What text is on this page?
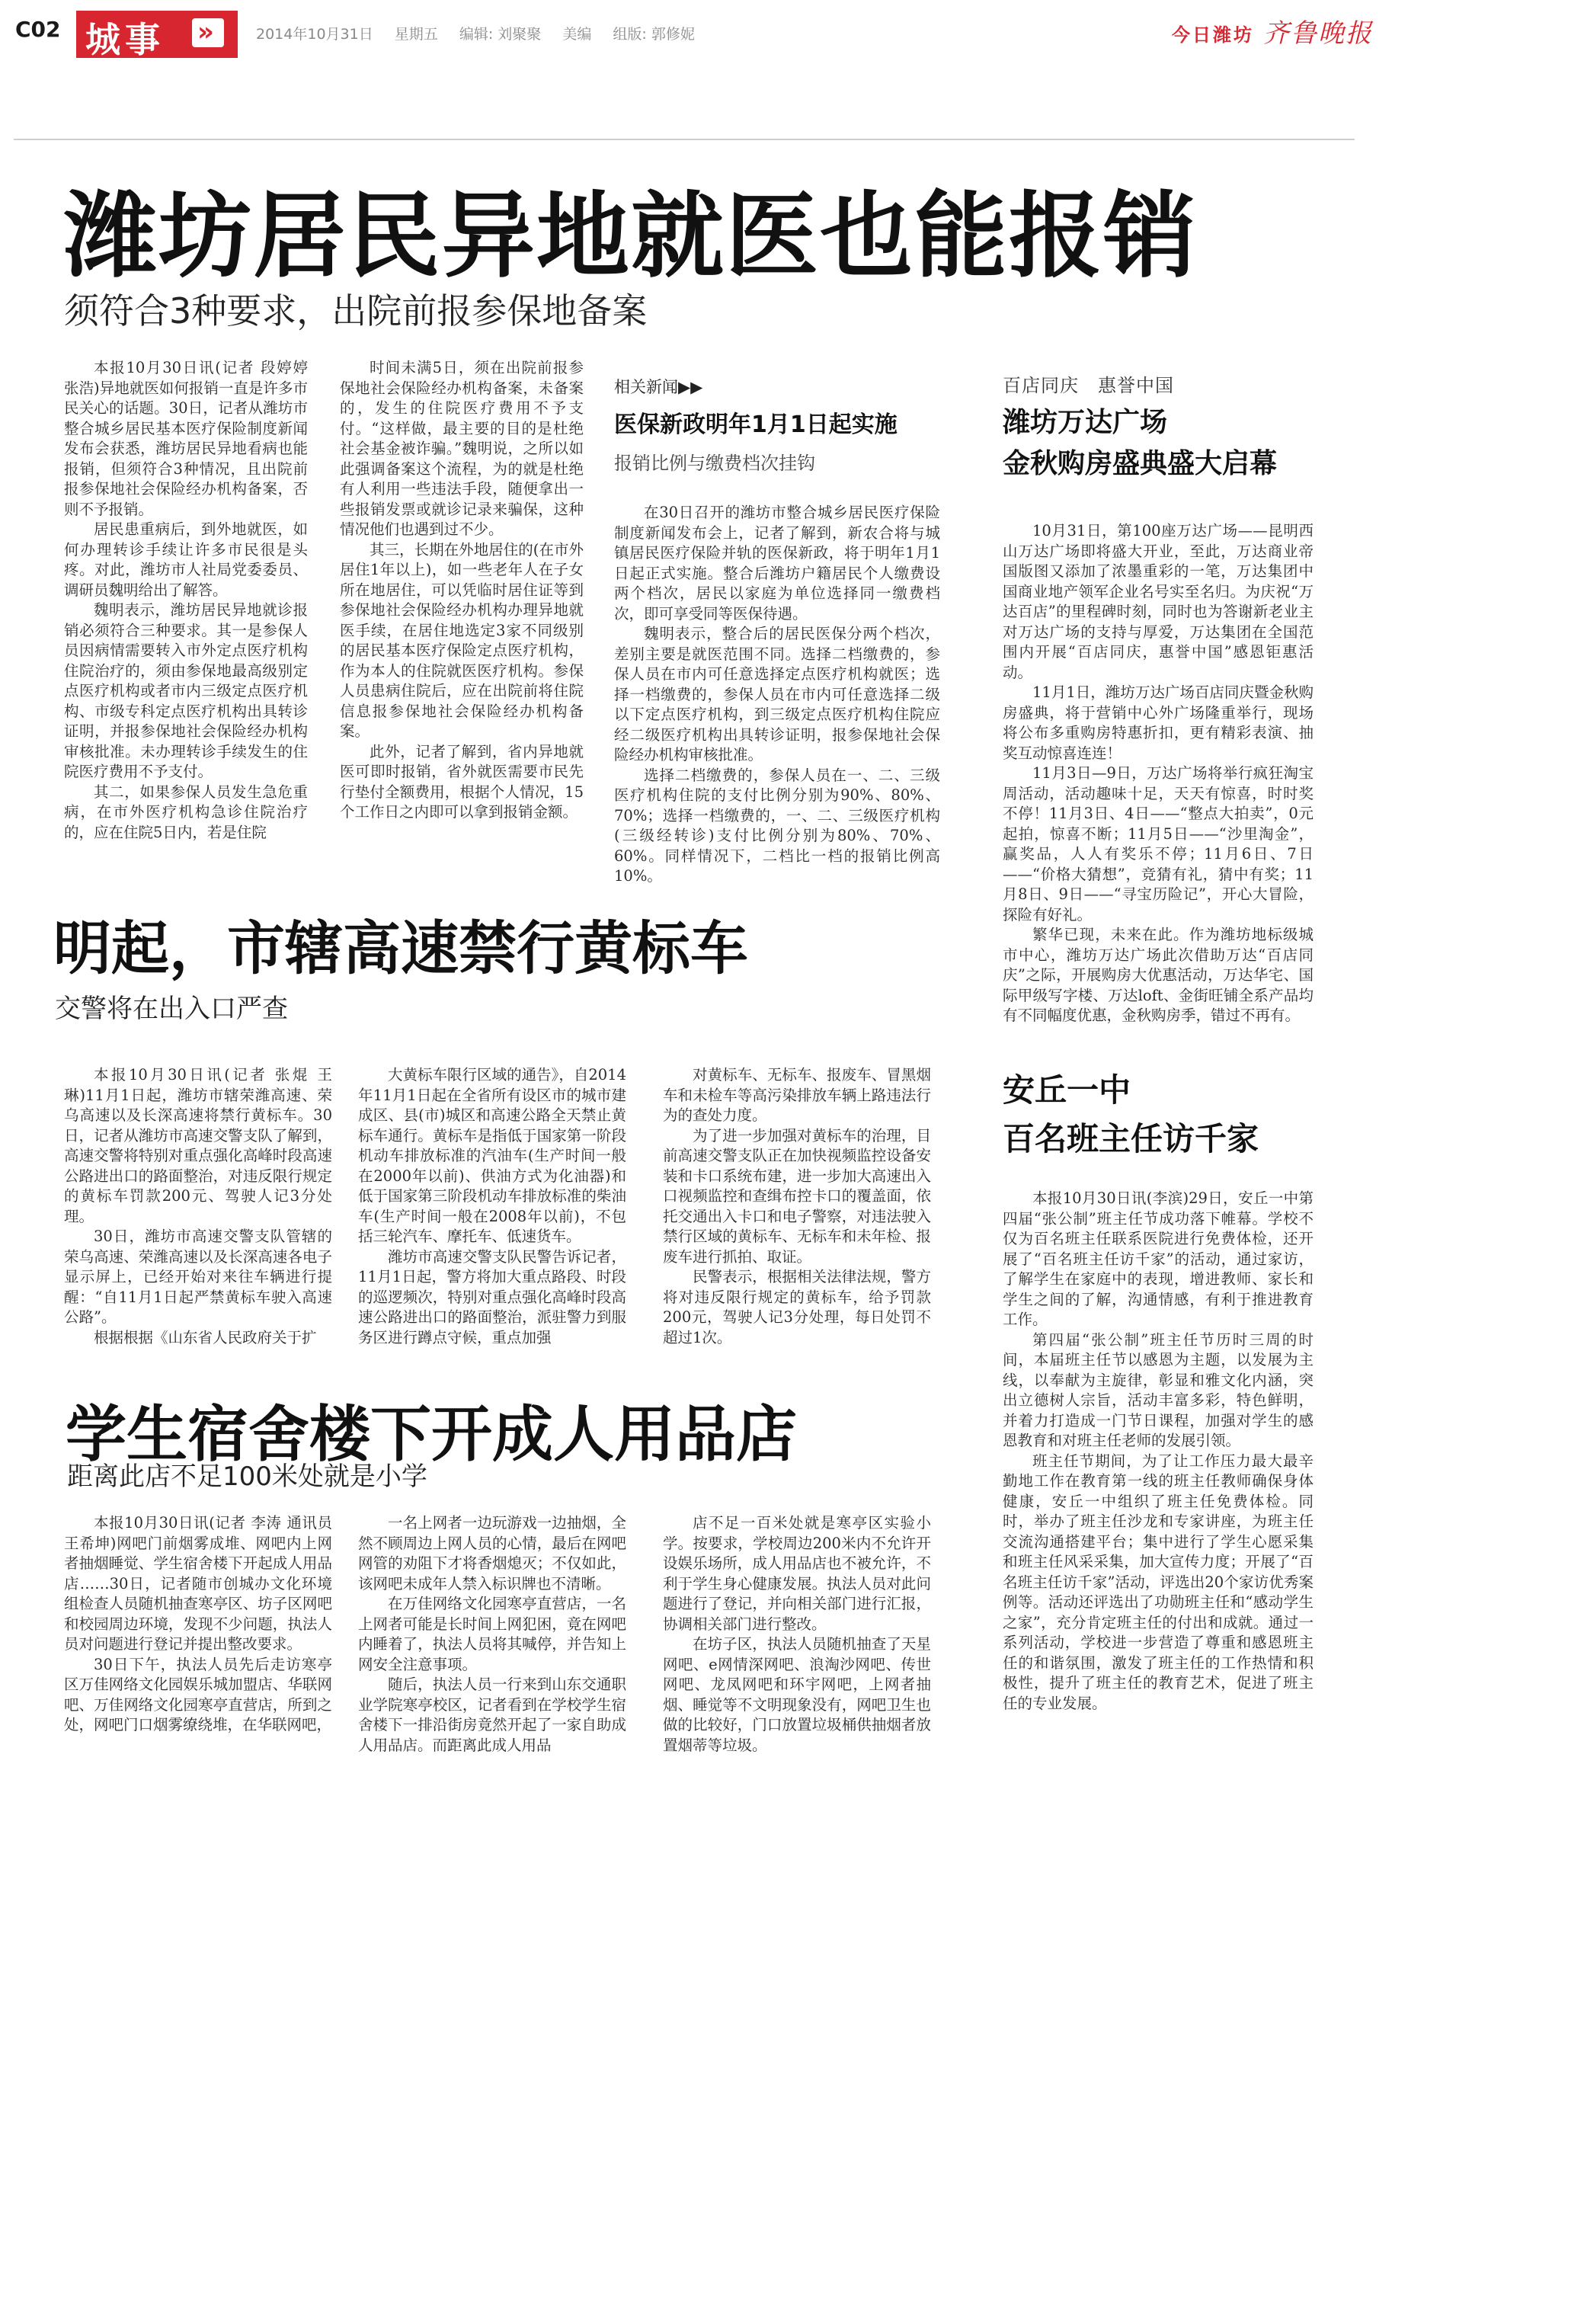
C02 城事 »	2014年10月31日 星期五 编辑: 刘聚聚 美编 组版: 郭修妮	今日潍坊 齐鲁晚报
潍坊居民异地就医也能报销
须符合3种要求，出院前报参保地备案

本报10月30日讯(记者 段婷婷 张浩)异地就医如何报销一直是许多市民关心的话题。30日，记者从潍坊市整合城乡居民基本医疗保险制度新闻发布会获悉，潍坊居民异地看病也能报销，但须符合3种情况，且出院前报参保地社会保险经办机构备案，否则不予报销。

居民患重病后，到外地就医，如何办理转诊手续让许多市民很是头疼。对此，潍坊市人社局党委委员、调研员魏明给出了解答。

魏明表示，潍坊居民异地就诊报销必须符合三种要求。其一是参保人员因病情需要转入市外定点医疗机构住院治疗的，须由参保地最高级别定点医疗机构或者市内三级定点医疗机构、市级专科定点医疗机构出具转诊证明，并报参保地社会保险经办机构审核批准。未办理转诊手续发生的住院医疗费用不予支付。

其二，如果参保人员发生急危重病，在市外医疗机构急诊住院治疗的，应在住院5日内，若是住院

时间未满5日，须在出院前报参保地社会保险经办机构备案，未备案的，发生的住院医疗费用不予支付。“这样做，最主要的目的是杜绝社会基金被诈骗。”魏明说，之所以如此强调备案这个流程，为的就是杜绝有人利用一些违法手段，随便拿出一些报销发票或就诊记录来骗保，这种情况他们也遇到过不少。

其三，长期在外地居住的(在市外居住1年以上)，如一些老年人在子女所在地居住，可以凭临时居住证等到参保地社会保险经办机构办理异地就医手续，在居住地选定3家不同级别的居民基本医疗保险定点医疗机构，作为本人的住院就医医疗机构。参保人员患病住院后，应在出院前将住院信息报参保地社会保险经办机构备案。

此外，记者了解到，省内异地就医可即时报销，省外就医需要市民先行垫付全额费用，根据个人情况，15个工作日之内即可以拿到报销金额。

相关新闻▶▶
医保新政明年1月1日起实施
报销比例与缴费档次挂钩

在30日召开的潍坊市整合城乡居民医疗保险制度新闻发布会上，记者了解到，新农合将与城镇居民医疗保险并轨的医保新政，将于明年1月1日起正式实施。整合后潍坊户籍居民个人缴费设两个档次，居民以家庭为单位选择同一缴费档次，即可享受同等医保待遇。

魏明表示，整合后的居民医保分两个档次，差别主要是就医范围不同。选择二档缴费的，参保人员在市内可任意选择定点医疗机构就医；选择一档缴费的，参保人员在市内可任意选择二级以下定点医疗机构，到三级定点医疗机构住院应经二级医疗机构出具转诊证明，报参保地社会保险经办机构审核批准。

选择二档缴费的，参保人员在一、二、三级医疗机构住院的支付比例分别为90%、80%、70%；选择一档缴费的，一、二、三级医疗机构(三级经转诊)支付比例分别为80%、70%、60%。同样情况下，二档比一档的报销比例高10%。

百店同庆　惠誉中国
潍坊万达广场
金秋购房盛典盛大启幕

10月31日，第100座万达广场——昆明西山万达广场即将盛大开业，至此，万达商业帝国版图又添加了浓墨重彩的一笔，万达集团中国商业地产领军企业名号实至名归。为庆祝“万达百店”的里程碑时刻，同时也为答谢新老业主对万达广场的支持与厚爱，万达集团在全国范围内开展“百店同庆，惠誉中国”感恩钜惠活动。

11月1日，潍坊万达广场百店同庆暨金秋购房盛典，将于营销中心外广场隆重举行，现场将公布多重购房特惠折扣，更有精彩表演、抽奖互动惊喜连连！

11月3日—9日，万达广场将举行疯狂淘宝周活动，活动趣味十足，天天有惊喜，时时奖不停！11月3日、4日——“整点大拍卖”，0元起拍，惊喜不断；11月5日——“沙里淘金”，赢奖品，人人有奖乐不停；11月6日、7日——“价格大猜想”，竞猜有礼，猜中有奖；11月8日、9日——“寻宝历险记”，开心大冒险，探险有好礼。

繁华已现，未来在此。作为潍坊地标级城市中心，潍坊万达广场此次借助万达“百店同庆”之际，开展购房大优惠活动，万达华宅、国际甲级写字楼、万达loft、金街旺铺全系产品均有不同幅度优惠，金秋购房季，错过不再有。

明起，市辖高速禁行黄标车
交警将在出入口严查

本报10月30日讯(记者 张焜 王琳)11月1日起，潍坊市辖荣潍高速、荣乌高速以及长深高速将禁行黄标车。30日，记者从潍坊市高速交警支队了解到，高速交警将特别对重点强化高峰时段高速公路进出口的路面整治，对违反限行规定的黄标车罚款200元、驾驶人记3分处理。

30日，潍坊市高速交警支队管辖的荣乌高速、荣潍高速以及长深高速各电子显示屏上，已经开始对来往车辆进行提醒：“自11月1日起严禁黄标车驶入高速公路”。

根据根据《山东省人民政府关于扩

大黄标车限行区域的通告》，自2014年11月1日起在全省所有设区市的城市建成区、县(市)城区和高速公路全天禁止黄标车通行。黄标车是指低于国家第一阶段机动车排放标准的汽油车(生产时间一般在2000年以前)、供油方式为化油器)和低于国家第三阶段机动车排放标准的柴油车(生产时间一般在2008年以前)，不包括三轮汽车、摩托车、低速货车。

潍坊市高速交警支队民警告诉记者，11月1日起，警方将加大重点路段、时段的巡逻频次，特别对重点强化高峰时段高速公路进出口的路面整治，派驻警力到服务区进行蹲点守候，重点加强

对黄标车、无标车、报废车、冒黑烟车和未检车等高污染排放车辆上路违法行为的查处力度。

为了进一步加强对黄标车的治理，目前高速交警支队正在加快视频监控设备安装和卡口系统布建，进一步加大高速出入口视频监控和查缉布控卡口的覆盖面，依托交通出入卡口和电子警察，对违法驶入禁行区域的黄标车、无标车和未年检、报废车进行抓拍、取证。

民警表示，根据相关法律法规，警方将对违反限行规定的黄标车，给予罚款200元，驾驶人记3分处理，每日处罚不超过1次。

安丘一中
百名班主任访千家

本报10月30日讯(李滨)29日，安丘一中第四届“张公制”班主任节成功落下帷幕。学校不仅为百名班主任联系医院进行免费体检，还开展了“百名班主任访千家”的活动，通过家访，了解学生在家庭中的表现，增进教师、家长和学生之间的了解，沟通情感，有利于推进教育工作。

第四届“张公制”班主任节历时三周的时间，本届班主任节以感恩为主题，以发展为主线，以奉献为主旋律，彰显和雅文化内涵，突出立德树人宗旨，活动丰富多彩，特色鲜明，并着力打造成一门节日课程，加强对学生的感恩教育和对班主任老师的发展引领。

班主任节期间，为了让工作压力最大最辛勤地工作在教育第一线的班主任教师确保身体健康，安丘一中组织了班主任免费体检。同时，举办了班主任沙龙和专家讲座，为班主任交流沟通搭建平台；集中进行了学生心愿采集和班主任风采采集，加大宣传力度；开展了“百名班主任访千家”活动，评选出20个家访优秀案例等。活动还评选出了功勋班主任和“感动学生之家”，充分肯定班主任的付出和成就。通过一系列活动，学校进一步营造了尊重和感恩班主任的和谐氛围，激发了班主任的工作热情和积极性，提升了班主任的教育艺术，促进了班主任的专业发展。

学生宿舍楼下开成人用品店
距离此店不足100米处就是小学

本报10月30日讯(记者 李涛 通讯员 王希坤)网吧门前烟雾成堆、网吧内上网者抽烟睡觉、学生宿舍楼下开起成人用品店……30日，记者随市创城办文化环境组检查人员随机抽查寒亭区、坊子区网吧和校园周边环境，发现不少问题，执法人员对问题进行登记并提出整改要求。

30日下午，执法人员先后走访寒亭区万佳网络文化园娱乐城加盟店、华联网吧、万佳网络文化园寒亭直营店，所到之处，网吧门口烟雾缭绕堆，在华联网吧，

一名上网者一边玩游戏一边抽烟，全然不顾周边上网人员的心情，最后在网吧网管的劝阻下才将香烟熄灭；不仅如此，该网吧未成年人禁入标识牌也不清晰。

在万佳网络文化园寒亭直营店，一名上网者可能是长时间上网犯困，竟在网吧内睡着了，执法人员将其喊停，并告知上网安全注意事项。

随后，执法人员一行来到山东交通职业学院寒亭校区，记者看到在学校学生宿舍楼下一排沿街房竟然开起了一家自助成人用品店。而距离此成人用品

店不足一百米处就是寒亭区实验小学。按要求，学校周边200米内不允许开设娱乐场所，成人用品店也不被允许，不利于学生身心健康发展。执法人员对此问题进行了登记，并向相关部门进行汇报，协调相关部门进行整改。

在坊子区，执法人员随机抽查了天星网吧、e网情深网吧、浪淘沙网吧、传世网吧、龙凤网吧和环宇网吧，上网者抽烟、睡觉等不文明现象没有，网吧卫生也做的比较好，门口放置垃圾桶供抽烟者放置烟蒂等垃圾。
